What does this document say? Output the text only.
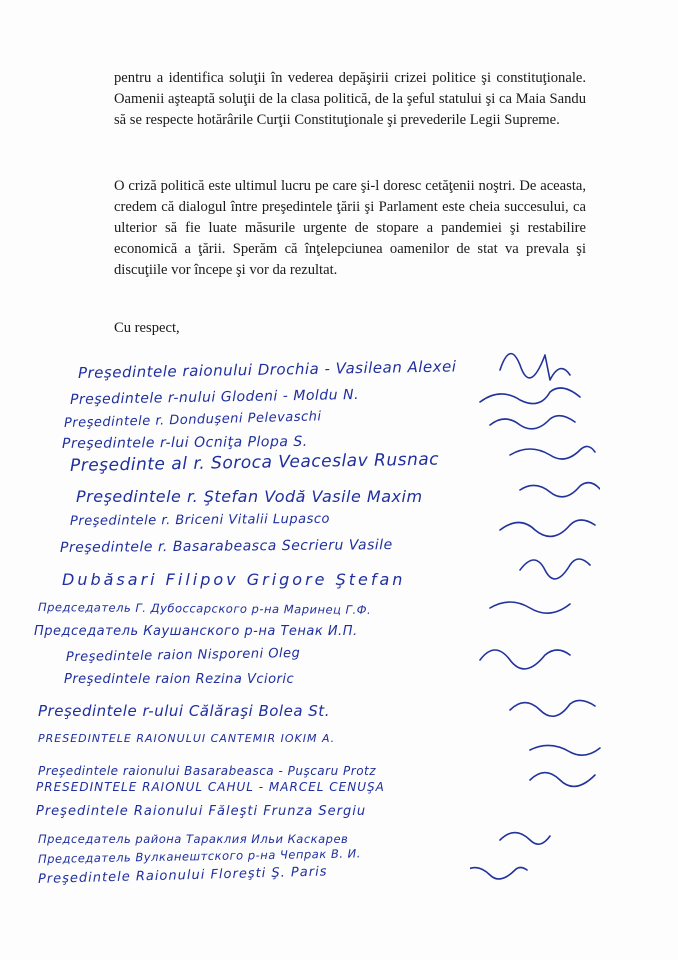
pentru a identifica soluţii în vederea depăşirii crizei politice şi constituţionale.
Oamenii aşteaptă soluţii de la clasa politică, de la şeful statului şi ca Maia Sandu
să se respecte hotărârile Curţii Constituţionale şi prevederile Legii Supreme.
O criză politică este ultimul lucru pe care şi-l doresc cetăţenii noştri. De aceasta,
credem că dialogul între preşedintele ţării şi Parlament este cheia succesului, ca
ulterior să fie luate măsurile urgente de stopare a pandemiei şi restabilire
economică a ţării. Sperăm că înţelepciunea oamenilor de stat va prevala şi
discuţiile vor începe şi vor da rezultat.

Cu respect,

Preşedintele raionului Drochia - Vasilean Alexei
Preşedintele r-nului Glodeni - Moldu N.
Preşedintele r. Donduşeni Pelevaschi
Preşedintele r-lui Ocniţa Plopa S.
Preşedinte al r. Soroca Veaceslav Rusnac
Preşedintele r. Ştefan Vodă Vasile Maxim
Preşedintele r. Briceni Vitalii Lupasco
Preşedintele r. Basarabeasca Secrieru Vasile
Dubăsari Filipov Grigore Ştefan
Председатель Г. Дубоссарского р-на Маринец Г.Ф.
Председатель Каушанского р-на Тенак И.П.
Preşedintele raion Nisporeni Oleg
Preşedintele raion Rezina Vcioric
Preşedintele r-ului Călăraşi Bolea St.
PRESEDINTELE RAIONULUI CANTEMIR IOKIM A.
Preşedintele raionului Basarabeasca - Puşcaru Protz
PRESEDINTELE RAIONUL CAHUL - MARCEL CENUŞA
Preşedintele Raionului Făleşti Frunza Sergiu
Председатель района Тараклия Ильи Каскарев
Председатель Вулканештского р-на Чепрак В. И.
Preşedintele Raionului Floreşti Ş. Paris
